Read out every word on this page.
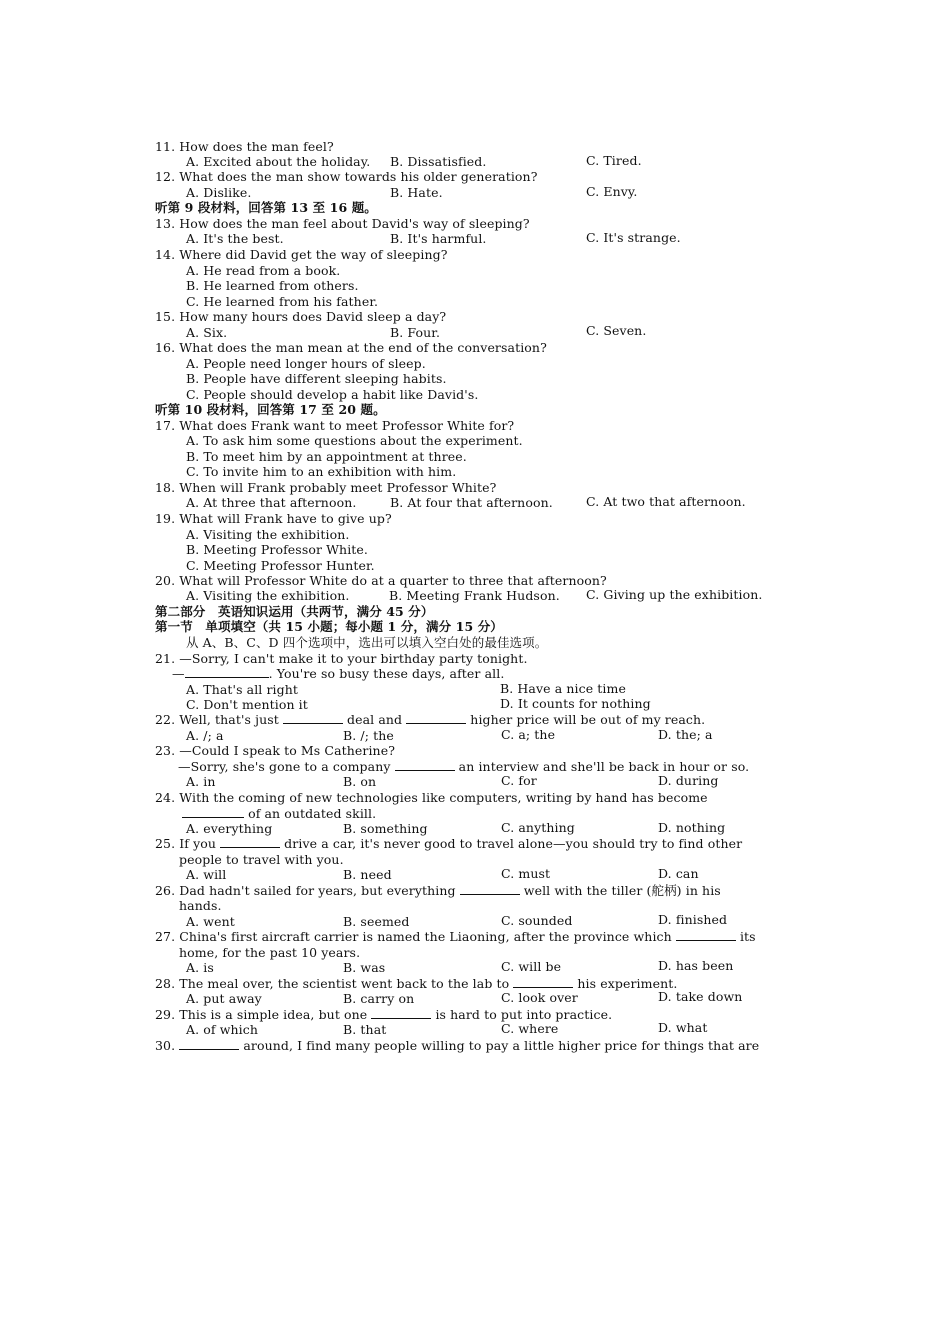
11. How does the man feel?
A. Excited about the holiday. B. Dissatisfied.	C. Tired.
12. What does the man show towards his older generation?
A. Dislike.	B. Hate.	C. Envy.
听第 9 段材料，回答第 13 至 16 题。
13. How does the man feel about David's way of sleeping?
A. It's the best.	B. It's harmful.	C. It's strange.
14. Where did David get the way of sleeping?
A. He read from a book.
B. He learned from others.
C. He learned from his father.
15. How many hours does David sleep a day?
A. Six.	B. Four.	C. Seven.
16. What does the man mean at the end of the conversation?
A. People need longer hours of sleep.
B. People have different sleeping habits.
C. People should develop a habit like David's.
听第 10 段材料，回答第 17 至 20 题。
17. What does Frank want to meet Professor White for?
A. To ask him some questions about the experiment.
B. To meet him by an appointment at three.
C. To invite him to an exhibition with him.
18. When will Frank probably meet Professor White?
A. At three that afternoon.	B. At four that afternoon.	C. At two that afternoon.
19. What will Frank have to give up?
A. Visiting the exhibition.
B. Meeting Professor White.
C. Meeting Professor Hunter.
20. What will Professor White do at a quarter to three that afternoon?
A. Visiting the exhibition.	B. Meeting Frank Hudson. C. Giving up the exhibition.
第二部分　英语知识运用（共两节，满分 45 分）
第一节　单项填空（共 15 小题；每小题 1 分，满分 15 分）
从 A、B、C、D 四个选项中，选出可以填入空白处的最佳选项。
21. —Sorry, I can't make it to your birthday party tonight.
—	. You're so busy these days, after all.
A. That's all right	B. Have a nice time
C. Don't mention it	D. It counts for nothing
22. Well, that's just	deal and	higher price will be out of my reach.
A. /; a	B. /; the	C. a; the	D. the; a
23. —Could I speak to Ms Catherine?
—Sorry, she's gone to a company	an interview and she'll be back in hour or so.
A. in	B. on	C. for	D. during
24. With the coming of new technologies like computers, writing by hand has become
of an outdated skill.
A. everything	B. something	C. anything	D. nothing
25. If you	drive a car, it's never good to travel alone—you should try to find other
people to travel with you.
A. will	B. need	C. must	D. can
26. Dad hadn't sailed for years, but everything	well with the tiller (舵柄) in his
hands.
A. went	B. seemed	C. sounded	D. finished
27. China's first aircraft carrier is named the Liaoning, after the province which	its
home, for the past 10 years.
A. is	B. was	C. will be	D. has been
28. The meal over, the scientist went back to the lab to	his experiment.
A. put away	B. carry on	C. look over	D. take down
29. This is a simple idea, but one	is hard to put into practice.
A. of which	B. that	C. where	D. what
30.	around, I find many people willing to pay a little higher price for things that are
